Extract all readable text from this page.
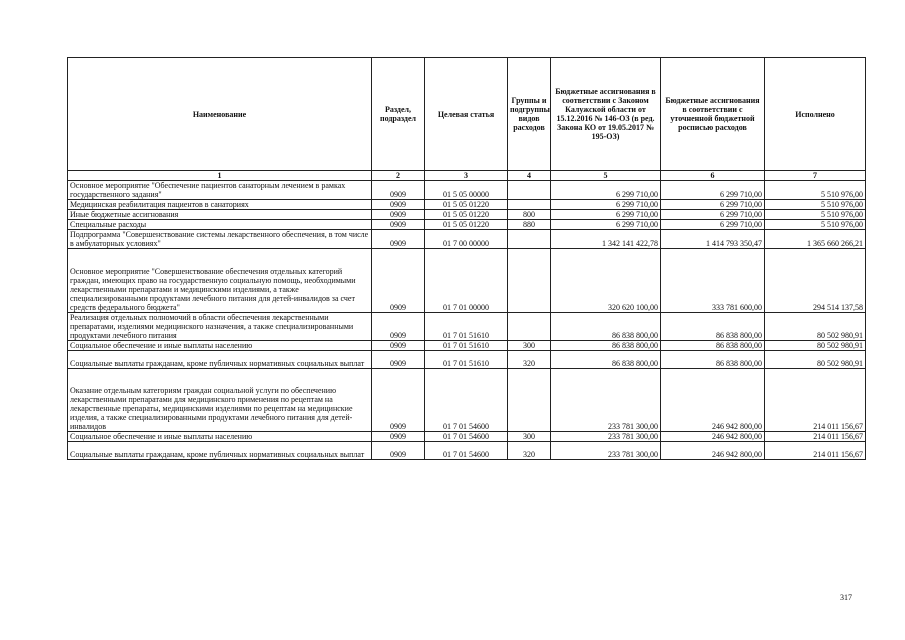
Наименование	Раздел, подраздел	Целевая статья	Группы и подгруппы видов расходов	Бюджетные ассигнования в соответствии с Законом Калужской области от 15.12.2016 № 146-ОЗ (в ред. Закона КО от 19.05.2017 № 195-ОЗ)	Бюджетные ассигнования в соответствии с уточненной бюджетной росписью расходов	Исполнено
1	2	3	4	5	6	7
Основное мероприятие "Обеспечение пациентов санаторным лечением в рамках государственного задания"	0909	01 5 05 00000		6 299 710,00	6 299 710,00	5 510 976,00
Медицинская реабилитация пациентов в санаториях	0909	01 5 05 01220		6 299 710,00	6 299 710,00	5 510 976,00
Иные бюджетные ассигнования	0909	01 5 05 01220	800	6 299 710,00	6 299 710,00	5 510 976,00
Специальные расходы	0909	01 5 05 01220	880	6 299 710,00	6 299 710,00	5 510 976,00
Подпрограмма "Совершенствование системы лекарственного обеспечения, в том числе в амбулаторных условиях"	0909	01 7 00 00000		1 342 141 422,78	1 414 793 350,47	1 365 660 266,21
Основное мероприятие "Совершенствование обеспечения отдельных категорий граждан, имеющих право на государственную социальную помощь, необходимыми лекарственными препаратами и медицинскими изделиями, а также специализированными продуктами лечебного питания для детей-инвалидов за счет средств федерального бюджета"	0909	01 7 01 00000		320 620 100,00	333 781 600,00	294 514 137,58
Реализация отдельных полномочий в области обеспечения лекарственными препаратами, изделиями медицинского назначения, а также специализированными продуктами лечебного питания	0909	01 7 01 51610		86 838 800,00	86 838 800,00	80 502 980,91
Социальное обеспечение и иные выплаты населению	0909	01 7 01 51610	300	86 838 800,00	86 838 800,00	80 502 980,91
Социальные выплаты гражданам, кроме публичных нормативных социальных выплат	0909	01 7 01 51610	320	86 838 800,00	86 838 800,00	80 502 980,91
Оказание отдельным категориям граждан социальной услуги по обеспечению лекарственными препаратами для медицинского применения по рецептам на лекарственные препараты, медицинскими изделиями по рецептам на медицинские изделия, а также специализированными продуктами лечебного питания для детей-инвалидов	0909	01 7 01 54600		233 781 300,00	246 942 800,00	214 011 156,67
Социальное обеспечение и иные выплаты населению	0909	01 7 01 54600	300	233 781 300,00	246 942 800,00	214 011 156,67
Социальные выплаты гражданам, кроме публичных нормативных социальных выплат	0909	01 7 01 54600	320	233 781 300,00	246 942 800,00	214 011 156,67
317
